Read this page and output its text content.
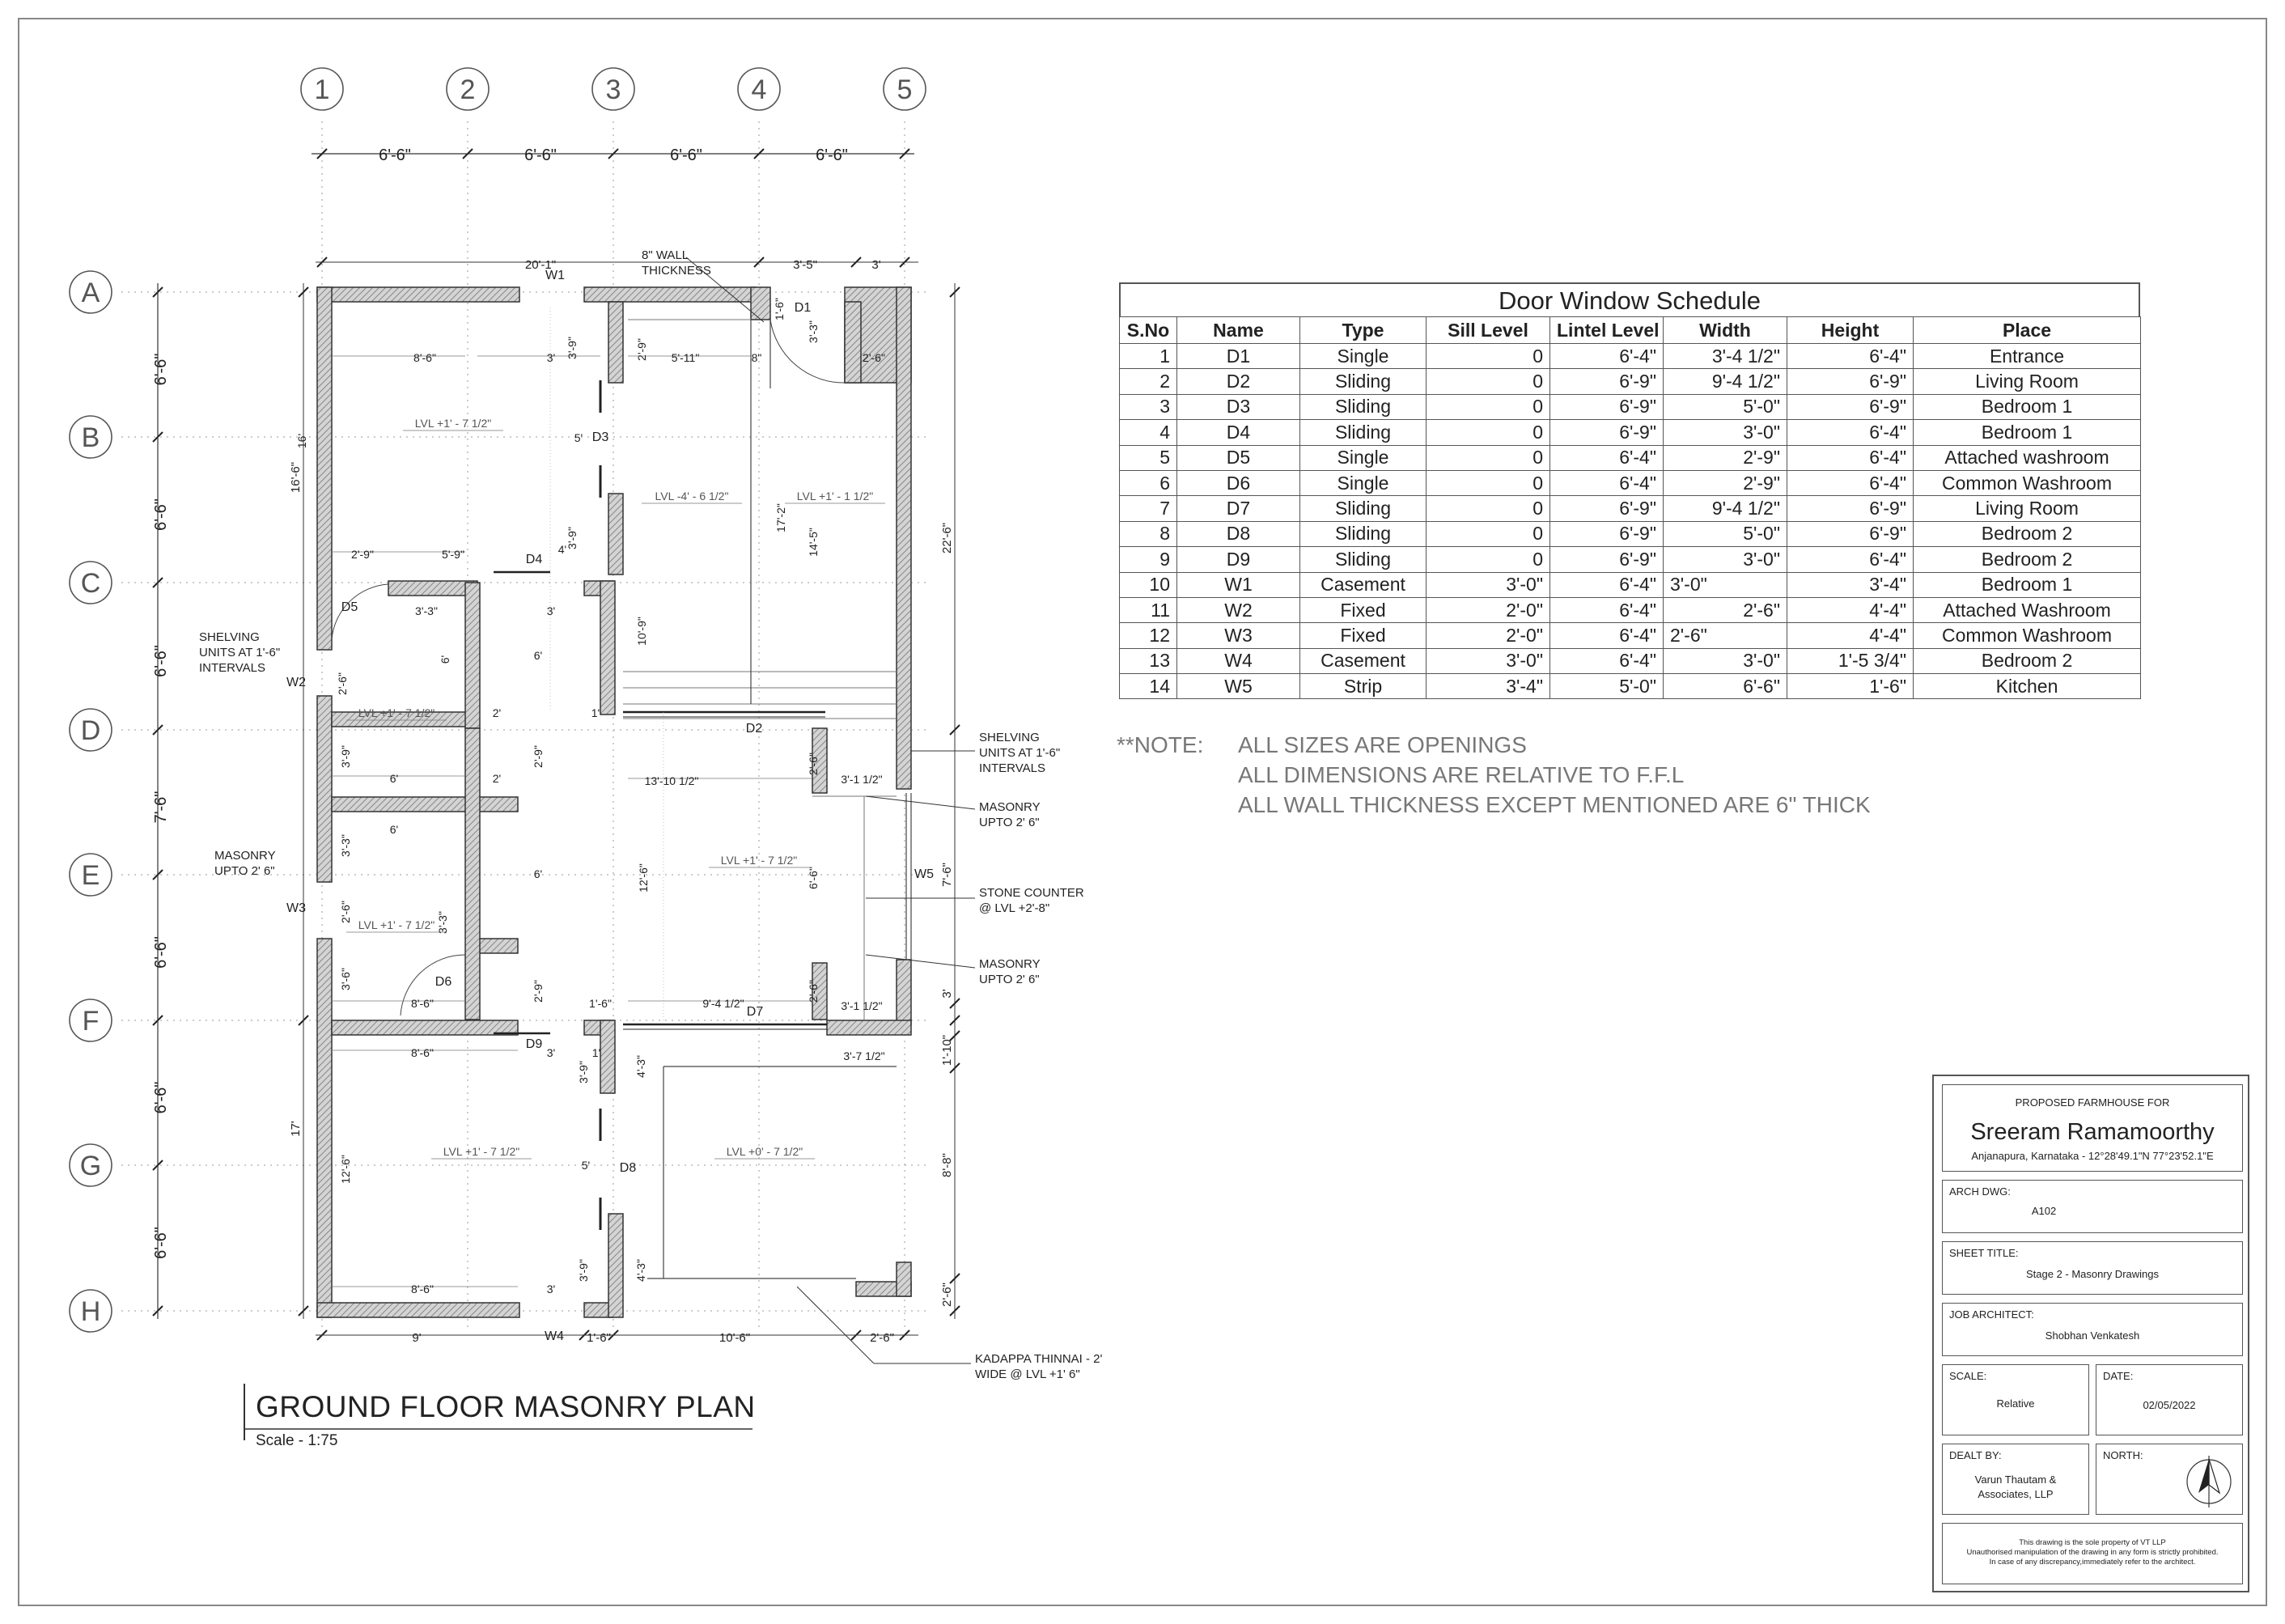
1	2	3	4	5
A
B
C
D
E
F
G
H
6'-6"	6'-6"	6'-6"	6'-6"
6'-6"
6'-6"
6'-6"
7'-6"
6'-6"
6'-6"
6'-6"
20'-1"	3'-5"	3'
16'-6"
17'
22'-6"
7'-6"
3'
1'-10"
8'-8"
2'-6"
9'	1'-6"	10'-6"	2'-6"
W1
D1
D3
D4
D5
W2
D2
W3
D6
D7
D9
D8
W4
W5
LVL +1' - 7 1/2"
LVL -4' - 6 1/2"	LVL +1' - 1 1/2"
LVL +1' - 7 1/2"
LVL +1' - 7 1/2"
LVL +1' - 7 1/2"
LVL +1' - 7 1/2"	LVL +0' - 7 1/2"
8'-6"	3' 3'-9"	2'-9" 5'-11"	8"
1'-6"
3'-3"
2'-6"
16'	5'
17'-2"
14'-5"
2'-9"	5'-9"	4'
3'-9"
3'-3"	3'
10'-9"
6'	6'
2'-6"
2'	1'
3'-9"	2'-9"
6'	2'	13'-10 1/2"
2'-6"
3'-1 1/2"
6'
3'-3"
6'	12'-6"	6'-6"
2'-6"	3'-3"
3'-6"
8'-6"
2'-9"
1'-6"	9'-4 1/2"
2'-6"
3'-1 1/2"
8'-6"	3'	1'
3'-9"	4'-3"	3'-7 1/2"
12'-6"	5'
8'-6"	3'
3'-9"	4'-3"
8" WALL
THICKNESS
SHELVING
UNITS AT 1'-6"
INTERVALS
SHELVING
UNITS AT 1'-6"
INTERVALS
MASONRY
UPTO 2' 6"
MASONRY
UPTO 2' 6"
STONE COUNTER
@ LVL +2'-8"
MASONRY
UPTO 2' 6"
KADAPPA THINNAI - 2'
WIDE @ LVL +1' 6"
GROUND FLOOR MASONRY PLAN
Scale - 1:75
Door Window Schedule
S.No	Name	Type	Sill Level	Lintel Level	Width	Height	Place
1	D1	Single	0	6'-4"	3'-4 1/2"	6'-4"	Entrance
2	D2	Sliding	0	6'-9"	9'-4 1/2"	6'-9"	Living Room
3	D3	Sliding	0	6'-9"	5'-0"	6'-9"	Bedroom 1
4	D4	Sliding	0	6'-9"	3'-0"	6'-4"	Bedroom 1
5	D5	Single	0	6'-4"	2'-9"	6'-4"	Attached washroom
6	D6	Single	0	6'-4"	2'-9"	6'-4"	Common Washroom
7	D7	Sliding	0	6'-9"	9'-4 1/2"	6'-9"	Living Room
8	D8	Sliding	0	6'-9"	5'-0"	6'-9"	Bedroom 2
9	D9	Sliding	0	6'-9"	3'-0"	6'-4"	Bedroom 2
10	W1	Casement	3'-0"	6'-4"	3'-0"	3'-4"	Bedroom 1
11	W2	Fixed	2'-0"	6'-4"	2'-6"	4'-4"	Attached Washroom
12	W3	Fixed	2'-0"	6'-4"	2'-6"	4'-4"	Common Washroom
13	W4	Casement	3'-0"	6'-4"	3'-0"	1'-5 3/4"	Bedroom 2
14	W5	Strip	3'-4"	5'-0"	6'-6"	1'-6"	Kitchen
**NOTE: ALL SIZES ARE OPENINGS
ALL DIMENSIONS ARE RELATIVE TO F.F.L
ALL WALL THICKNESS EXCEPT MENTIONED ARE 6" THICK
PROPOSED FARMHOUSE FOR
Sreeram Ramamoorthy
Anjanapura, Karnataka - 12°28'49.1"N 77°23'52.1"E
ARCH DWG:
A102
SHEET TITLE:
Stage 2 - Masonry Drawings
JOB ARCHITECT:
Shobhan Venkatesh
SCALE:
Relative
DATE:
02/05/2022
DEALT BY:
Varun Thautam &
Associates, LLP
NORTH:
This drawing is the sole property of VT LLP
Unauthorised manipulation of the drawing in any form is strictly prohibited.
In case of any discrepancy,immediately refer to the architect.
